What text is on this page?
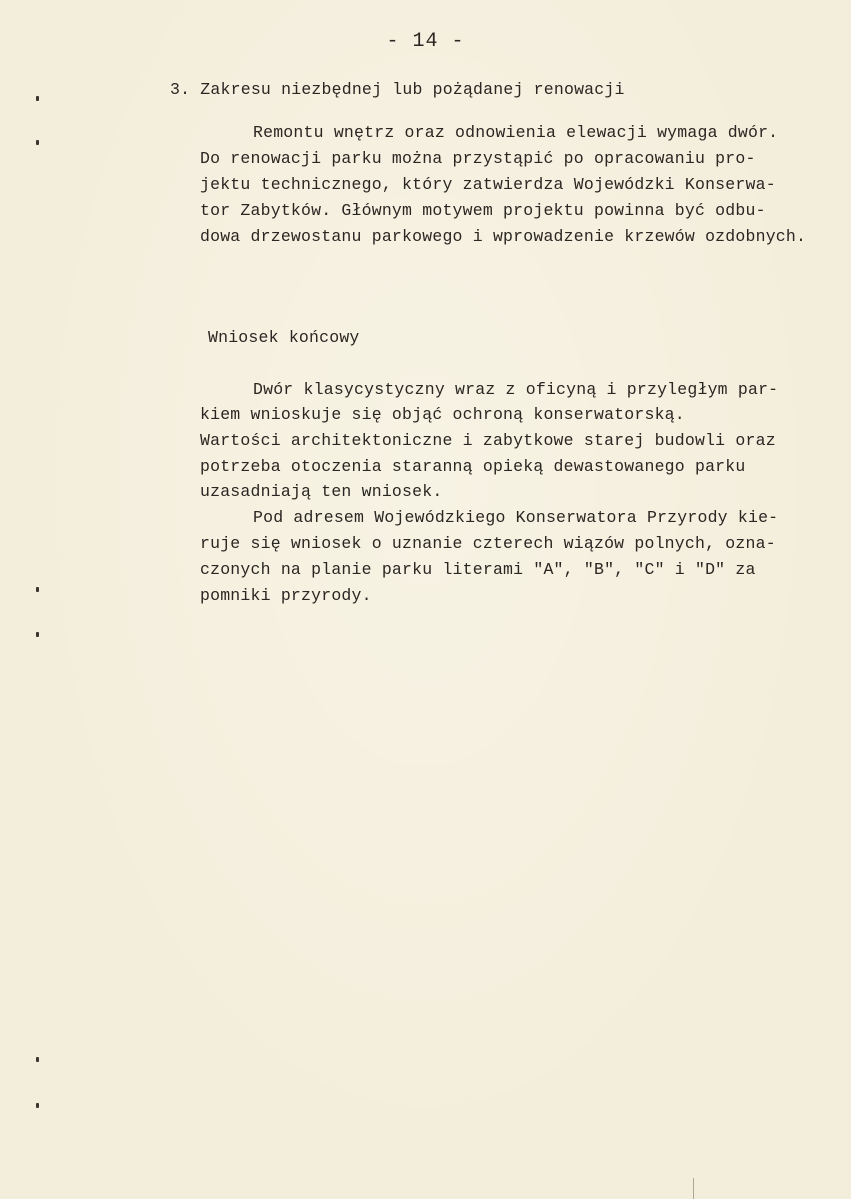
- 14 -
3. Zakresu niezbędnej lub pożądanej renowacji
Remontu wnętrz oraz odnowienia elewacji wymaga dwór.
Do renowacji parku można przystąpić po opracowaniu pro-
jektu technicznego, który zatwierdza Wojewódzki Konserwa-
tor Zabytków. Głównym motywem projektu powinna być odbu-
dowa drzewostanu parkowego i wprowadzenie krzewów ozdobnych.
Wniosek końcowy
Dwór klasycystyczny wraz z oficyną i przyległym par-
kiem wnioskuje się objąć ochroną konserwatorską.
Wartości architektoniczne i zabytkowe starej budowli oraz
potrzeba otoczenia staranną opieką dewastowanego parku
uzasadniają ten wniosek.
Pod adresem Wojewódzkiego Konserwatora Przyrody kie-
ruje się wniosek o uznanie czterech wiązów polnych, ozna-
czonych na planie parku literami "A", "B", "C" i "D" za
pomniki przyrody.
